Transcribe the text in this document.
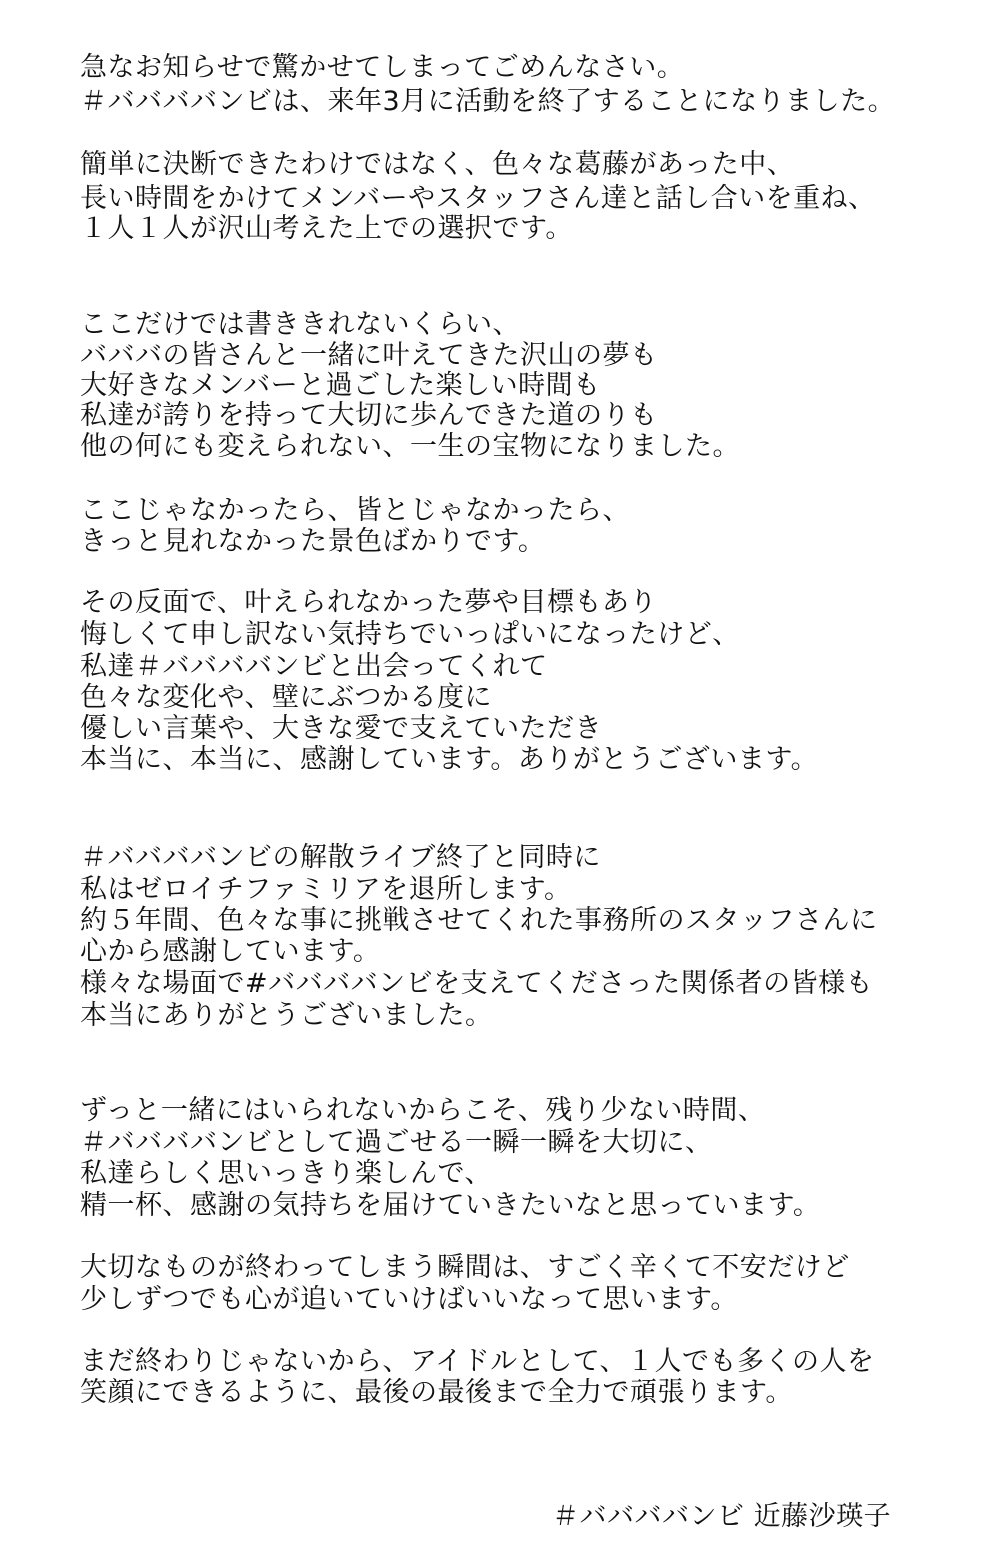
急なお知らせで驚かせてしまってごめんなさい。
＃ババババンビは、来年3月に活動を終了することになりました。
簡単に決断できたわけではなく、色々な葛藤があった中、
長い時間をかけてメンバーやスタッフさん達と話し合いを重ね、
１人１人が沢山考えた上での選択です。
ここだけでは書ききれないくらい、
バババの皆さんと一緒に叶えてきた沢山の夢も
大好きなメンバーと過ごした楽しい時間も
私達が誇りを持って大切に歩んできた道のりも
他の何にも変えられない、一生の宝物になりました。
ここじゃなかったら、皆とじゃなかったら、
きっと見れなかった景色ばかりです。
その反面で、叶えられなかった夢や目標もあり
悔しくて申し訳ない気持ちでいっぱいになったけど、
私達＃ババババンビと出会ってくれて
色々な変化や、壁にぶつかる度に
優しい言葉や、大きな愛で支えていただき
本当に、本当に、感謝しています。ありがとうございます。
＃ババババンビの解散ライブ終了と同時に
私はゼロイチファミリアを退所します。
約５年間、色々な事に挑戦させてくれた事務所のスタッフさんに
心から感謝しています。
様々な場面で#ババババンビを支えてくださった関係者の皆様も
本当にありがとうございました。
ずっと一緒にはいられないからこそ、残り少ない時間、
＃ババババンビとして過ごせる一瞬一瞬を大切に、
私達らしく思いっきり楽しんで、
精一杯、感謝の気持ちを届けていきたいなと思っています。
大切なものが終わってしまう瞬間は、すごく辛くて不安だけど
少しずつでも心が追いていけばいいなって思います。
まだ終わりじゃないから、アイドルとして、１人でも多くの人を
笑顔にできるように、最後の最後まで全力で頑張ります。
＃ババババンビ 近藤沙瑛子
